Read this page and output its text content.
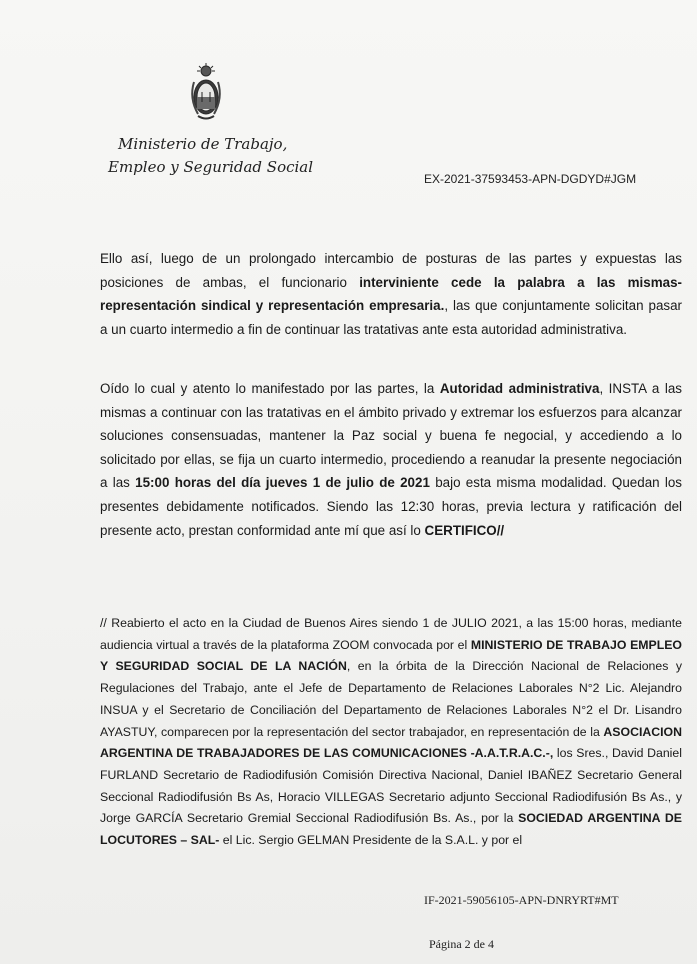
Ministerio de Trabajo,
Empleo y Seguridad Social
EX-2021-37593453-APN-DGDYD#JGM

Ello así, luego de un prolongado intercambio de posturas de las partes y expuestas las posiciones de ambas, el funcionario interviniente cede la palabra a las mismas- representación sindical y representación empresaria., las que conjuntamente solicitan pasar a un cuarto intermedio a fin de continuar las tratativas ante esta autoridad administrativa.

Oído lo cual y atento lo manifestado por las partes, la Autoridad administrativa, INSTA a las mismas a continuar con las tratativas en el ámbito privado y extremar los esfuerzos para alcanzar soluciones consensuadas, mantener la Paz social y buena fe negocial, y accediendo a lo solicitado por ellas, se fija un cuarto intermedio, procediendo a reanudar la presente negociación a las 15:00 horas del día jueves 1 de julio de 2021 bajo esta misma modalidad. Quedan los presentes debidamente notificados. Siendo las 12:30 horas, previa lectura y ratificación del presente acto, prestan conformidad ante mí que así lo CERTIFICO//

// Reabierto el acto en la Ciudad de Buenos Aires siendo 1 de JULIO 2021, a las 15:00 horas, mediante audiencia virtual a través de la plataforma ZOOM convocada por el MINISTERIO DE TRABAJO EMPLEO Y SEGURIDAD SOCIAL DE LA NACIÓN, en la órbita de la Dirección Nacional de Relaciones y Regulaciones del Trabajo, ante el Jefe de Departamento de Relaciones Laborales N°2 Lic. Alejandro INSUA y el Secretario de Conciliación del Departamento de Relaciones Laborales N°2 el Dr. Lisandro AYASTUY, comparecen por la representación del sector trabajador, en representación de la ASOCIACION ARGENTINA DE TRABAJADORES DE LAS COMUNICACIONES -A.A.T.R.A.C.-, los Sres., David Daniel FURLAND Secretario de Radiodifusión Comisión Directiva Nacional, Daniel IBAÑEZ Secretario General Seccional Radiodifusión Bs As, Horacio VILLEGAS Secretario adjunto Seccional Radiodifusión Bs As., y Jorge GARCÍA Secretario Gremial Seccional Radiodifusión Bs. As., por la SOCIEDAD ARGENTINA DE LOCUTORES – SAL- el Lic. Sergio GELMAN Presidente de la S.A.L. y por el

IF-2021-59056105-APN-DNRYRT#MT
Página 2 de 4
